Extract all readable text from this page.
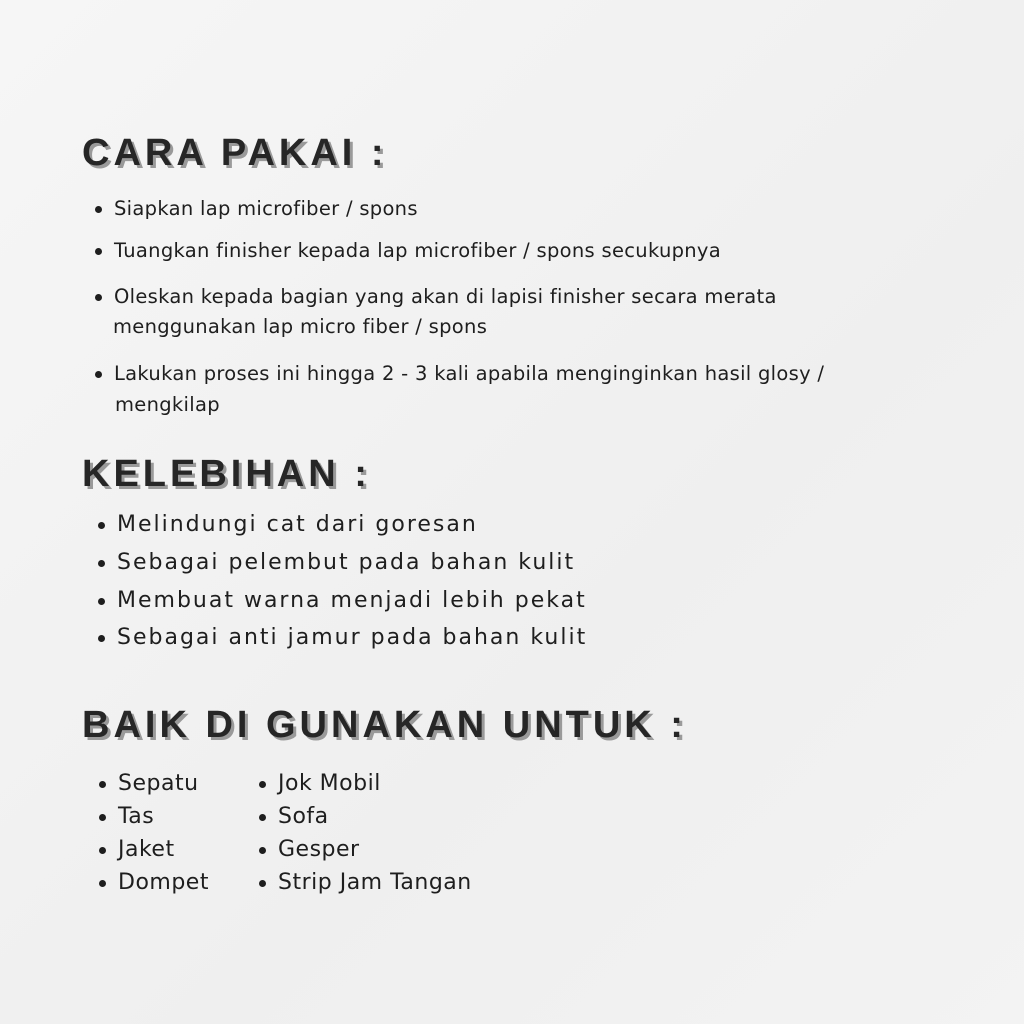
CARA PAKAI :
Siapkan lap microfiber / spons
Tuangkan finisher kepada lap microfiber / spons secukupnya
Oleskan kepada bagian yang akan di lapisi finisher secara merata
menggunakan lap micro fiber / spons
Lakukan proses ini hingga 2 - 3 kali apabila menginginkan hasil glosy /
mengkilap
KELEBIHAN :
Melindungi cat dari goresan
Sebagai pelembut pada bahan kulit
Membuat warna menjadi lebih pekat
Sebagai anti jamur pada bahan kulit
BAIK DI GUNAKAN UNTUK :
Sepatu
Tas
Jaket
Dompet
Jok Mobil
Sofa
Gesper
Strip Jam Tangan
